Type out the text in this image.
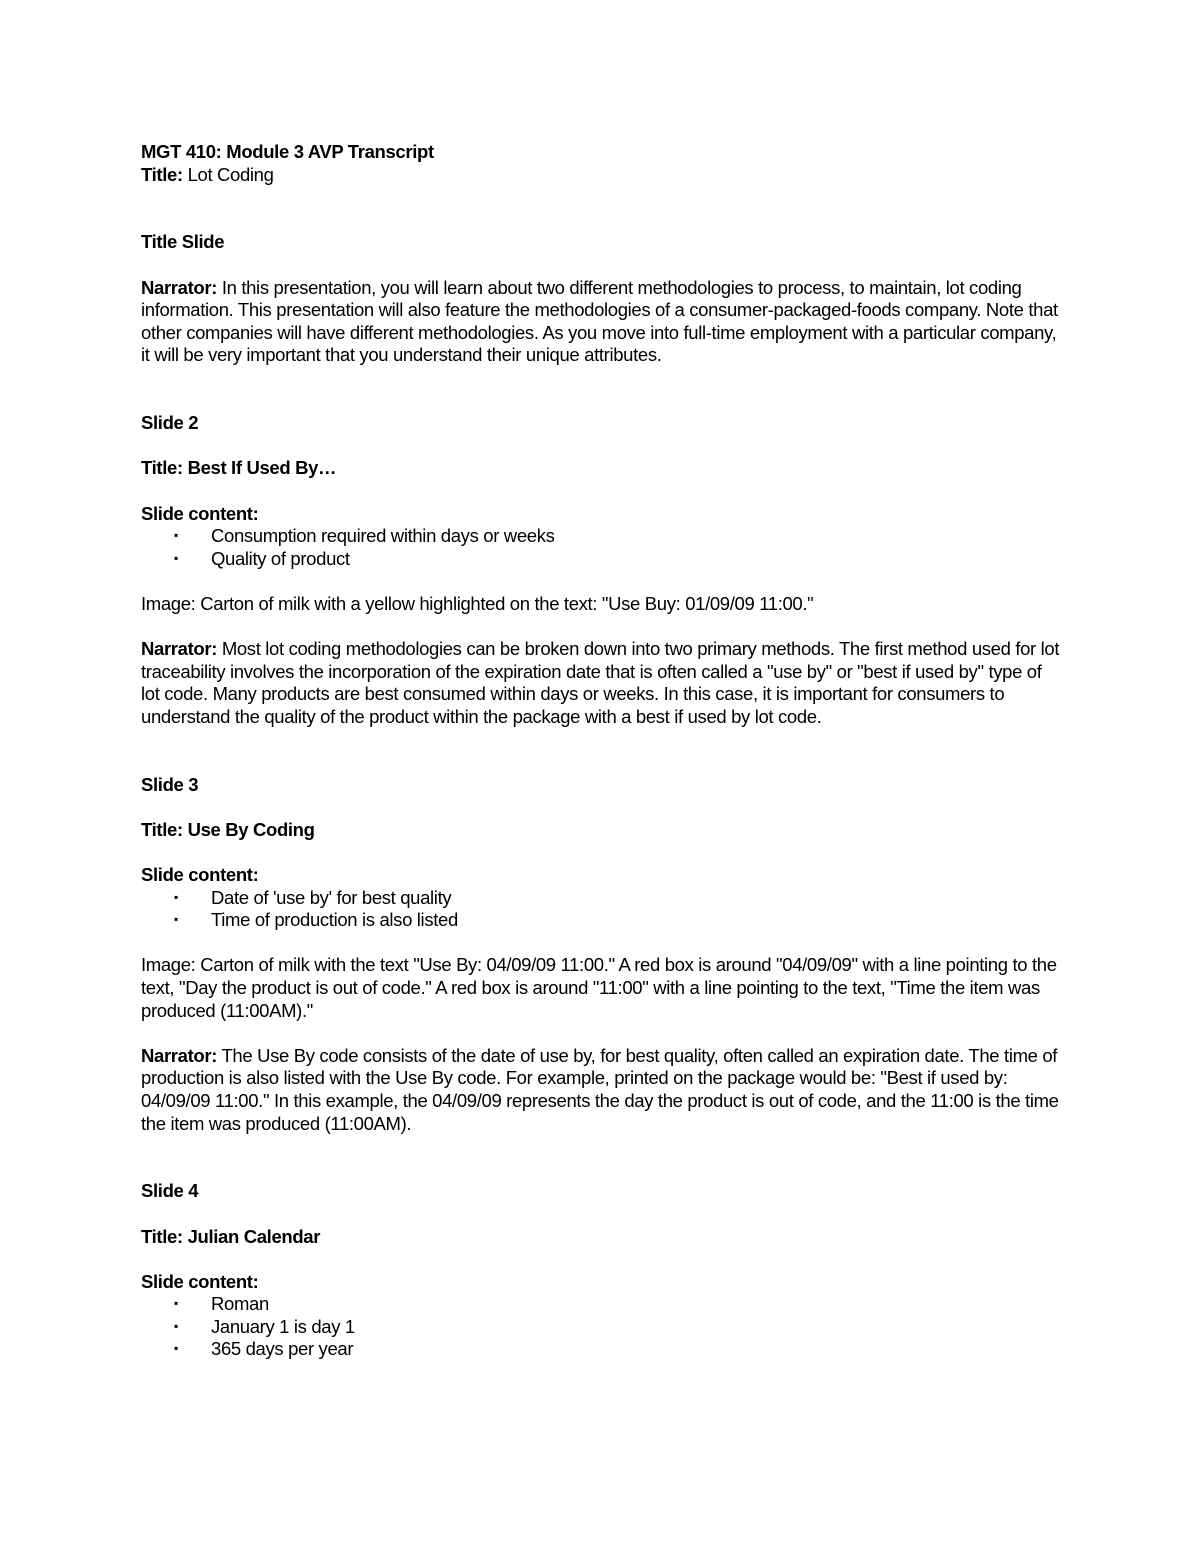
MGT 410: Module 3 AVP Transcript

Title: Lot Coding

Title Slide

Narrator: In this presentation, you will learn about two different methodologies to process, to maintain, lot coding information. This presentation will also feature the methodologies of a consumer-packaged-foods company. Note that other companies will have different methodologies. As you move into full-time employment with a particular company, it will be very important that you understand their unique attributes.

Slide 2

Title: Best If Used By…

Slide content:

▪ Consumption required within days or weeks
▪ Quality of product

Image: Carton of milk with a yellow highlighted on the text: "Use Buy: 01/09/09 11:00."

Narrator: Most lot coding methodologies can be broken down into two primary methods. The first method used for lot traceability involves the incorporation of the expiration date that is often called a "use by" or "best if used by" type of lot code. Many products are best consumed within days or weeks. In this case, it is important for consumers to understand the quality of the product within the package with a best if used by lot code.

Slide 3

Title: Use By Coding

Slide content:

▪ Date of 'use by' for best quality
▪ Time of production is also listed

Image: Carton of milk with the text "Use By: 04/09/09 11:00." A red box is around "04/09/09" with a line pointing to the text, "Day the product is out of code." A red box is around "11:00" with a line pointing to the text, "Time the item was produced (11:00AM)."

Narrator: The Use By code consists of the date of use by, for best quality, often called an expiration date. The time of production is also listed with the Use By code. For example, printed on the package would be: "Best if used by: 04/09/09 11:00." In this example, the 04/09/09 represents the day the product is out of code, and the 11:00 is the time the item was produced (11:00AM).

Slide 4

Title: Julian Calendar

Slide content:

▪ Roman
▪ January 1 is day 1
▪ 365 days per year
